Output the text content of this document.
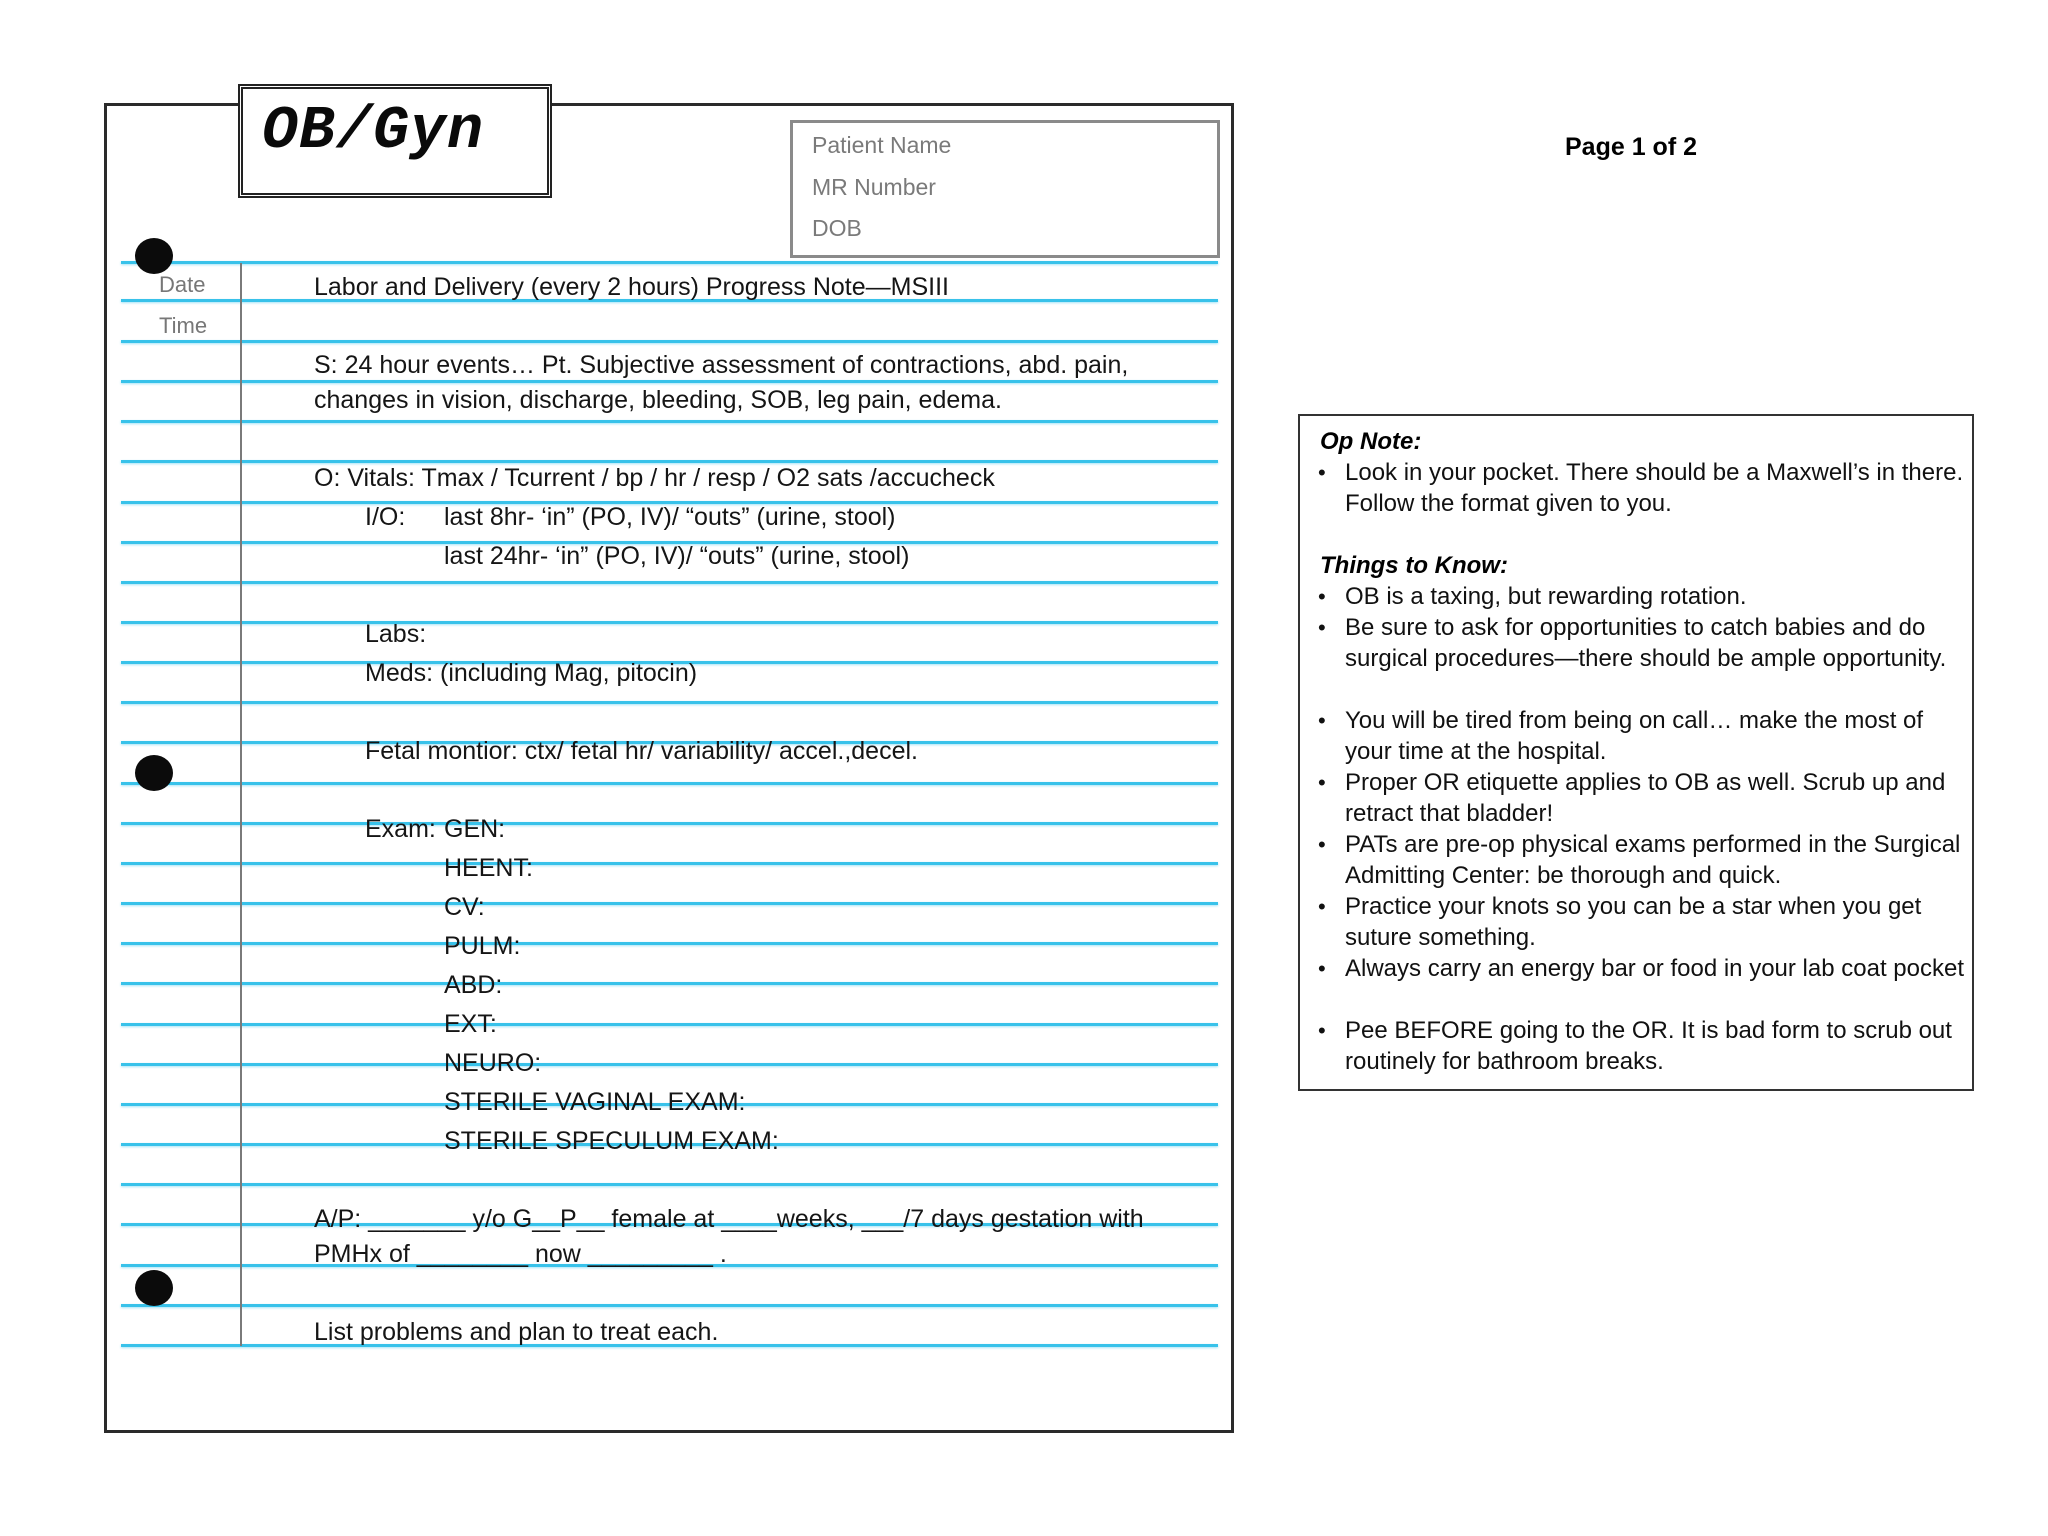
OB/Gyn	Patient Name
MR Number
DOB
Date
Time
Labor and Delivery (every 2 hours) Progress Note—MSIII
S: 24 hour events… Pt. Subjective assessment of contractions, abd. pain,
changes in vision, discharge, bleeding, SOB, leg pain, edema.
O: Vitals: Tmax / Tcurrent / bp / hr / resp / O2 sats /accucheck
I/O: last 8hr- ‘in” (PO, IV)/ “outs” (urine, stool)
last 24hr- ‘in” (PO, IV)/ “outs” (urine, stool)
Labs:
Meds: (including Mag, pitocin)
Fetal montior: ctx/ fetal hr/ variability/ accel.,decel.
Exam: GEN:
HEENT:
CV:
PULM:
ABD:
EXT:
NEURO:
STERILE VAGINAL EXAM:
STERILE SPECULUM EXAM:
A/P: _______ y/o G__P__ female at ____weeks, ___/7 days gestation with
PMHx of ________ now _________ .
List problems and plan to treat each.
Page 1 of 2
Op Note:
• Look in your pocket. There should be a Maxwell’s in there. Follow the format given to you.
Things to Know:
• OB is a taxing, but rewarding rotation.
• Be sure to ask for opportunities to catch babies and do surgical procedures—there should be ample opportunity.
• You will be tired from being on call… make the most of your time at the hospital.
• Proper OR etiquette applies to OB as well. Scrub up and retract that bladder!
• PATs are pre-op physical exams performed in the Surgical Admitting Center: be thorough and quick.
• Practice your knots so you can be a star when you get suture something.
• Always carry an energy bar or food in your lab coat pocket
• Pee BEFORE going to the OR. It is bad form to scrub out routinely for bathroom breaks.
